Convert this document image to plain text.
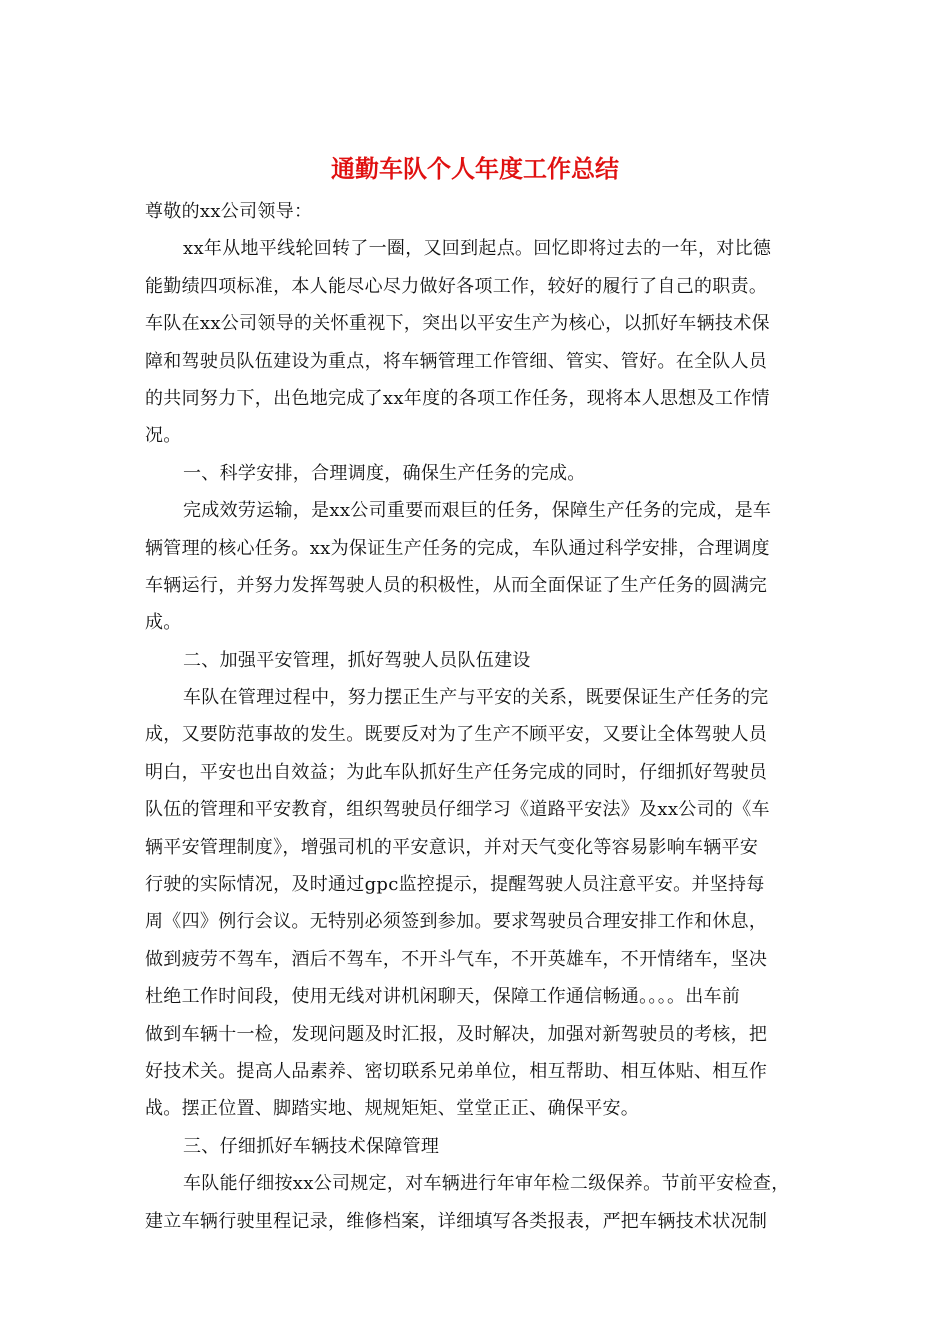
通勤车队个人年度工作总结
尊敬的xx公司领导：
xx年从地平线轮回转了一圈，又回到起点。回忆即将过去的一年，对比德
能勤绩四项标准，本人能尽心尽力做好各项工作，较好的履行了自己的职责。
车队在xx公司领导的关怀重视下，突出以平安生产为核心，以抓好车辆技术保
障和驾驶员队伍建设为重点，将车辆管理工作管细、管实、管好。在全队人员
的共同努力下，出色地完成了xx年度的各项工作任务，现将本人思想及工作情
况。
一、科学安排，合理调度，确保生产任务的完成。
完成效劳运输，是xx公司重要而艰巨的任务，保障生产任务的完成，是车
辆管理的核心任务。xx为保证生产任务的完成，车队通过科学安排，合理调度
车辆运行，并努力发挥驾驶人员的积极性，从而全面保证了生产任务的圆满完
成。
二、加强平安管理，抓好驾驶人员队伍建设
车队在管理过程中，努力摆正生产与平安的关系，既要保证生产任务的完
成，又要防范事故的发生。既要反对为了生产不顾平安，又要让全体驾驶人员
明白，平安也出自效益；为此车队抓好生产任务完成的同时，仔细抓好驾驶员
队伍的管理和平安教育，组织驾驶员仔细学习《道路平安法》及xx公司的《车
辆平安管理制度》，增强司机的平安意识，并对天气变化等容易影响车辆平安
行驶的实际情况，及时通过gpc监控提示，提醒驾驶人员注意平安。并坚持每
周《四》例行会议。无特别必须签到参加。要求驾驶员合理安排工作和休息，
做到疲劳不驾车，酒后不驾车，不开斗气车，不开英雄车，不开情绪车，坚决
杜绝工作时间段，使用无线对讲机闲聊天，保障工作通信畅通。。。。出车前
做到车辆十一检，发现问题及时汇报，及时解决，加强对新驾驶员的考核，把
好技术关。提高人品素养、密切联系兄弟单位，相互帮助、相互体贴、相互作
战。摆正位置、脚踏实地、规规矩矩、堂堂正正、确保平安。
三、仔细抓好车辆技术保障管理
车队能仔细按xx公司规定，对车辆进行年审年检二级保养。节前平安检查，
建立车辆行驶里程记录，维修档案，详细填写各类报表，严把车辆技术状况制
